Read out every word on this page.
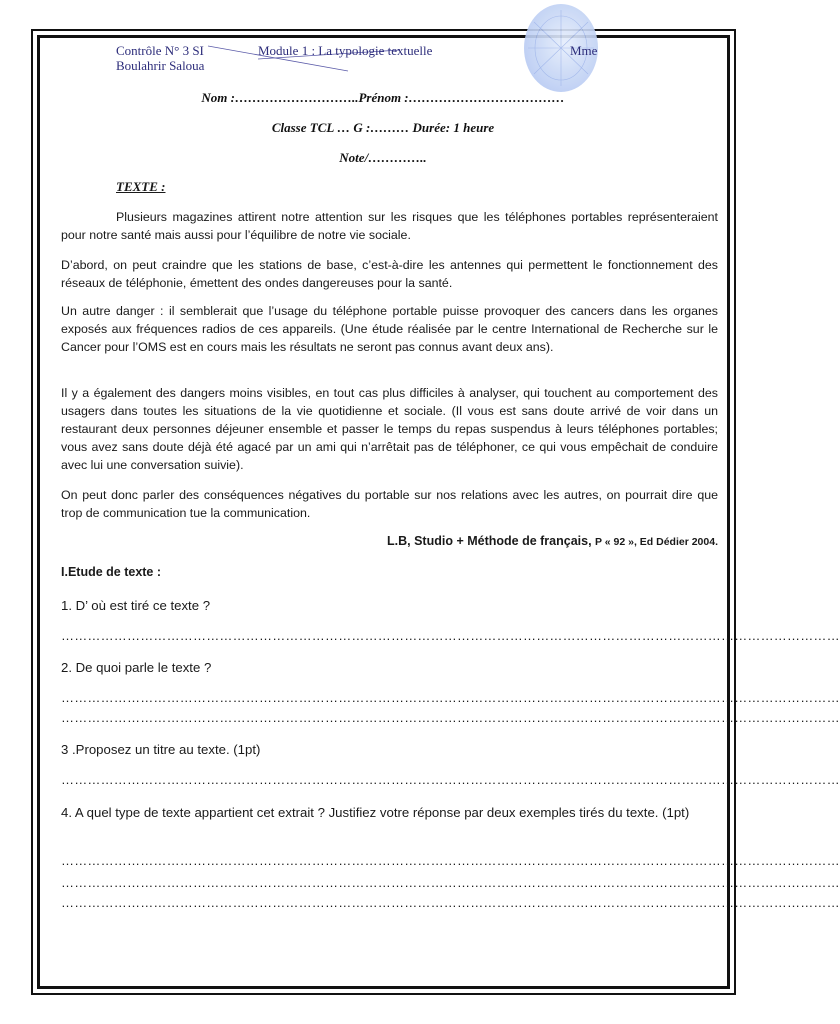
Contrôle N° 3 SI	Module 1 : La typologie textuelle	Mme
Boulahrir Saloua
Nom :………………………..Prénom :………………………………
Classe TCL … G :……… Durée: 1 heure
Note/…………..
TEXTE :

Plusieurs magazines attirent notre attention sur les risques que les téléphones portables représenteraient pour notre santé mais aussi pour l’équilibre de notre vie sociale.

D’abord, on peut craindre que les stations de base, c’est-à-dire les antennes qui permettent le fonctionnement des réseaux de téléphonie, émettent des ondes dangereuses pour la santé.

Un autre danger : il semblerait que l’usage du téléphone portable puisse provoquer des cancers dans les organes exposés aux fréquences radios de ces appareils. (Une étude réalisée par le centre International de Recherche sur le Cancer pour l’OMS est en cours mais les résultats ne seront pas connus avant deux ans).

Il y a également des dangers moins visibles, en tout cas plus difficiles à analyser, qui touchent au comportement des usagers dans toutes les situations de la vie quotidienne et sociale. (Il vous est sans doute arrivé de voir dans un restaurant deux personnes déjeuner ensemble et passer le temps du repas suspendus à leurs téléphones portables; vous avez sans doute déjà été agacé par un ami qui n’arrêtait pas de téléphoner, ce qui vous empêchait de conduire avec lui une conversation suivie).

On peut donc parler des conséquences négatives du portable sur nos relations avec les autres, on pourrait dire que trop de communication tue la communication.

L.B, Studio + Méthode de français, P « 92 », Ed Dédier 2004.
I.Etude de texte :
1. D’ où est tiré ce texte ?
……………………………………………………………………………………………………………………………………………………………
2. De quoi parle le texte ?
……………………………………………………………………………………………………………………………………………………………
……………………………………………………………………………………………………………………………………………………………
3 .Proposez un titre au texte. (1pt)
……………………………………………………………………………………………………………………………………………………………
4. A quel type de texte appartient cet extrait ? Justifiez votre réponse par deux exemples tirés du texte. (1pt)
……………………………………………………………………………………………………………………………………………………………
……………………………………………………………………………………………………………………………………………………………
……………………………………………………………………………………………………………………………………………………………
